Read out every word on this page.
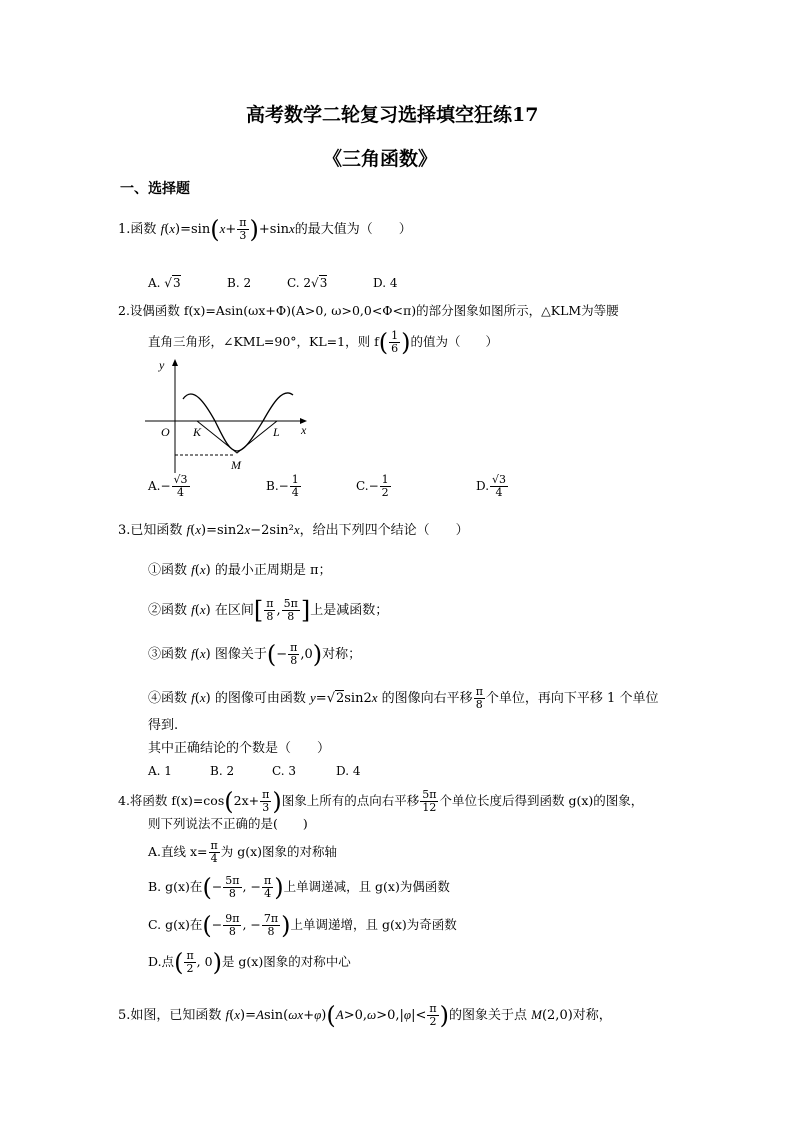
高考数学二轮复习选择填空狂练17
《三角函数》
一、选择题
1.函数 $f(x)=\sin(x+ \frac{\pi}{3} )+\sin x$的最大值为（　　）
A. √3	B. 2	C. 2√3	D. 4
2.设偶函数 f(x)=Asin(ωx+Φ)(A>0, ω>0,0<Φ<π)的部分图象如图所示，△KLM为等腰
直角三角形，∠KML=90°，KL=1，则 $f( \frac{1}{6}$ )的值为（　　）
y
O K	L x
M
$A.- \frac{√3}{4}$	$B.- \frac{1}{4}$	$C.- \frac{1}{2}$	D. $\frac{√3}{4}$
3.已知函数 f(x)=sin2x−2sin²x，给出下列四个结论（　　）
①函数 f(x) 的最小正周期是 π；
②函数 f(x) 在区间[ $\frac{\pi}{8}$ , $\frac{5\pi}{8}$ ]上是减函数；
③函数 f(x) 图像关于(− $\frac{\pi}{8} ,0$)对称；
④函数 f(x) 的图像可由函数 y=√2sin2x 的图像向右平移 $\frac{\pi}{8}$ 个单位，再向下平移 1 个单位
得到.
其中正确结论的个数是（　　）
A. 1	B. 2	C. 3	D. 4
4.将函数 $f(x)=\cos(2x+ \frac{\pi}{3}$ )图象上所有的点向右平移 $\frac{5\pi}{12}$ 个单位长度后得到函数 g(x)的图象，
则下列说法不正确的是(　　)
A.直线 $x= \frac{\pi}{4}$ 为 g(x)图象的对称轴
B. g(x)在(− $\frac{5\pi}{8}$ , − $\frac{\pi}{4}$ )上单调递减，且 g(x)为偶函数
C. g(x)在(− $\frac{9\pi}{8}$ , − $\frac{7\pi}{8}$ )上单调递增，且 g(x)为奇函数
D.点( $\frac{\pi}{2}$ , 0)是 g(x)图象的对称中心
5.如图，已知函数 $f(x)=Asin(\omega x+\varphi)(A>0,\omega>0,|\varphi|< \frac{\pi}{2}$ )的图象关于点 M(2,0)对称，
